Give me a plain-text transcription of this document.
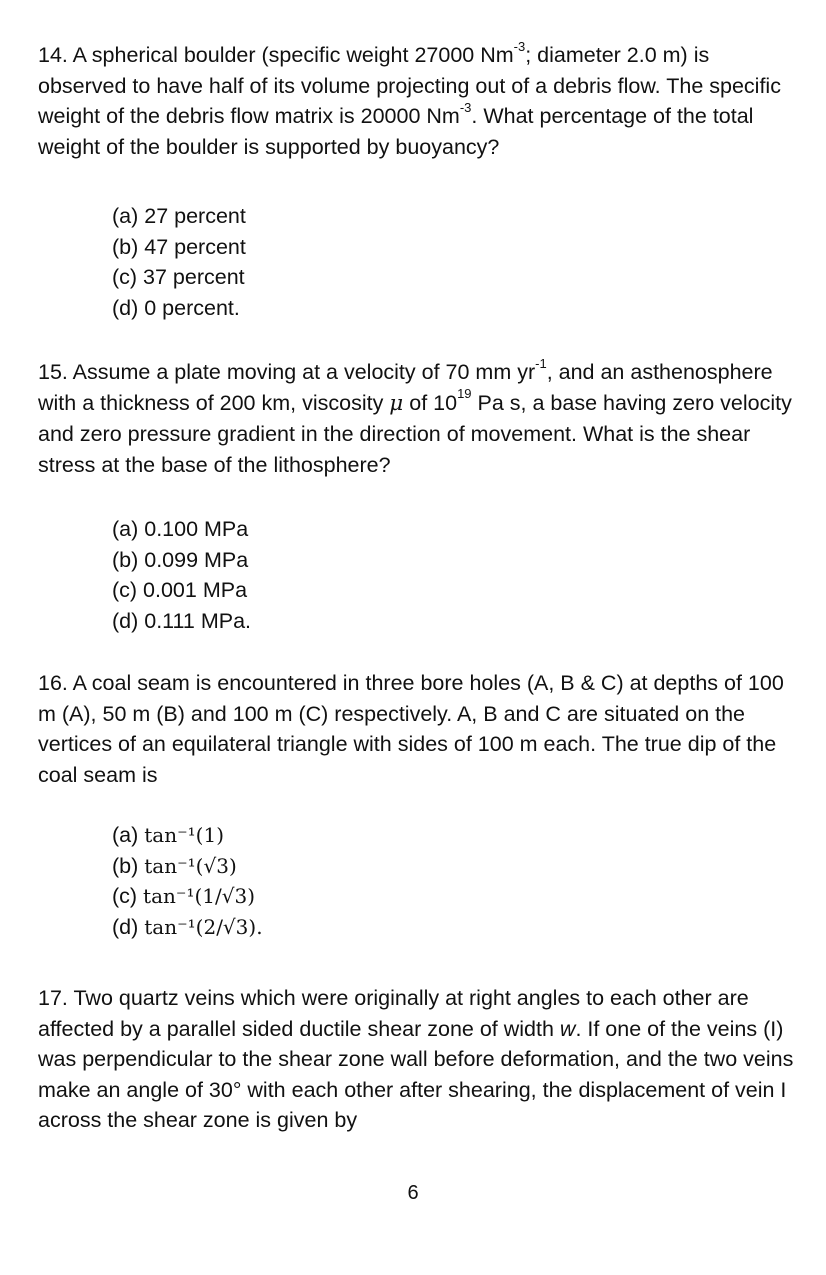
14. A spherical boulder (specific weight 27000 $Nm^{-3}$; diameter 2.0 m) is observed to have half of its volume projecting out of a debris flow. The specific weight of the debris flow matrix is 20000 $Nm^{-3}$. What percentage of the total weight of the boulder is supported by buoyancy?
(a) 27 percent
(b) 47 percent
(c) 37 percent
(d) 0 percent.
15. Assume a plate moving at a velocity of 70 mm $yr^{-1}$, and an asthenosphere with a thickness of 200 km, viscosity μ of $10^{19}$ Pa s, a base having zero velocity and zero pressure gradient in the direction of movement. What is the shear stress at the base of the lithosphere?
(a) 0.100 MPa
(b) 0.099 MPa
(c) 0.001 MPa
(d) 0.111 MPa.
16. A coal seam is encountered in three bore holes (A, B & C) at depths of 100 m (A), 50 m (B) and 100 m (C) respectively. A, B and C are situated on the vertices of an equilateral triangle with sides of 100 m each. The true dip of the coal seam is
(a) tan⁻¹(1)
(b) tan⁻¹(√3)
(c) tan⁻¹(1/√3)
(d) tan⁻¹(2/√3).
17. Two quartz veins which were originally at right angles to each other are affected by a parallel sided ductile shear zone of width w. If one of the veins (I) was perpendicular to the shear zone wall before deformation, and the two veins make an angle of 30° with each other after shearing, the displacement of vein I across the shear zone is given by
6
